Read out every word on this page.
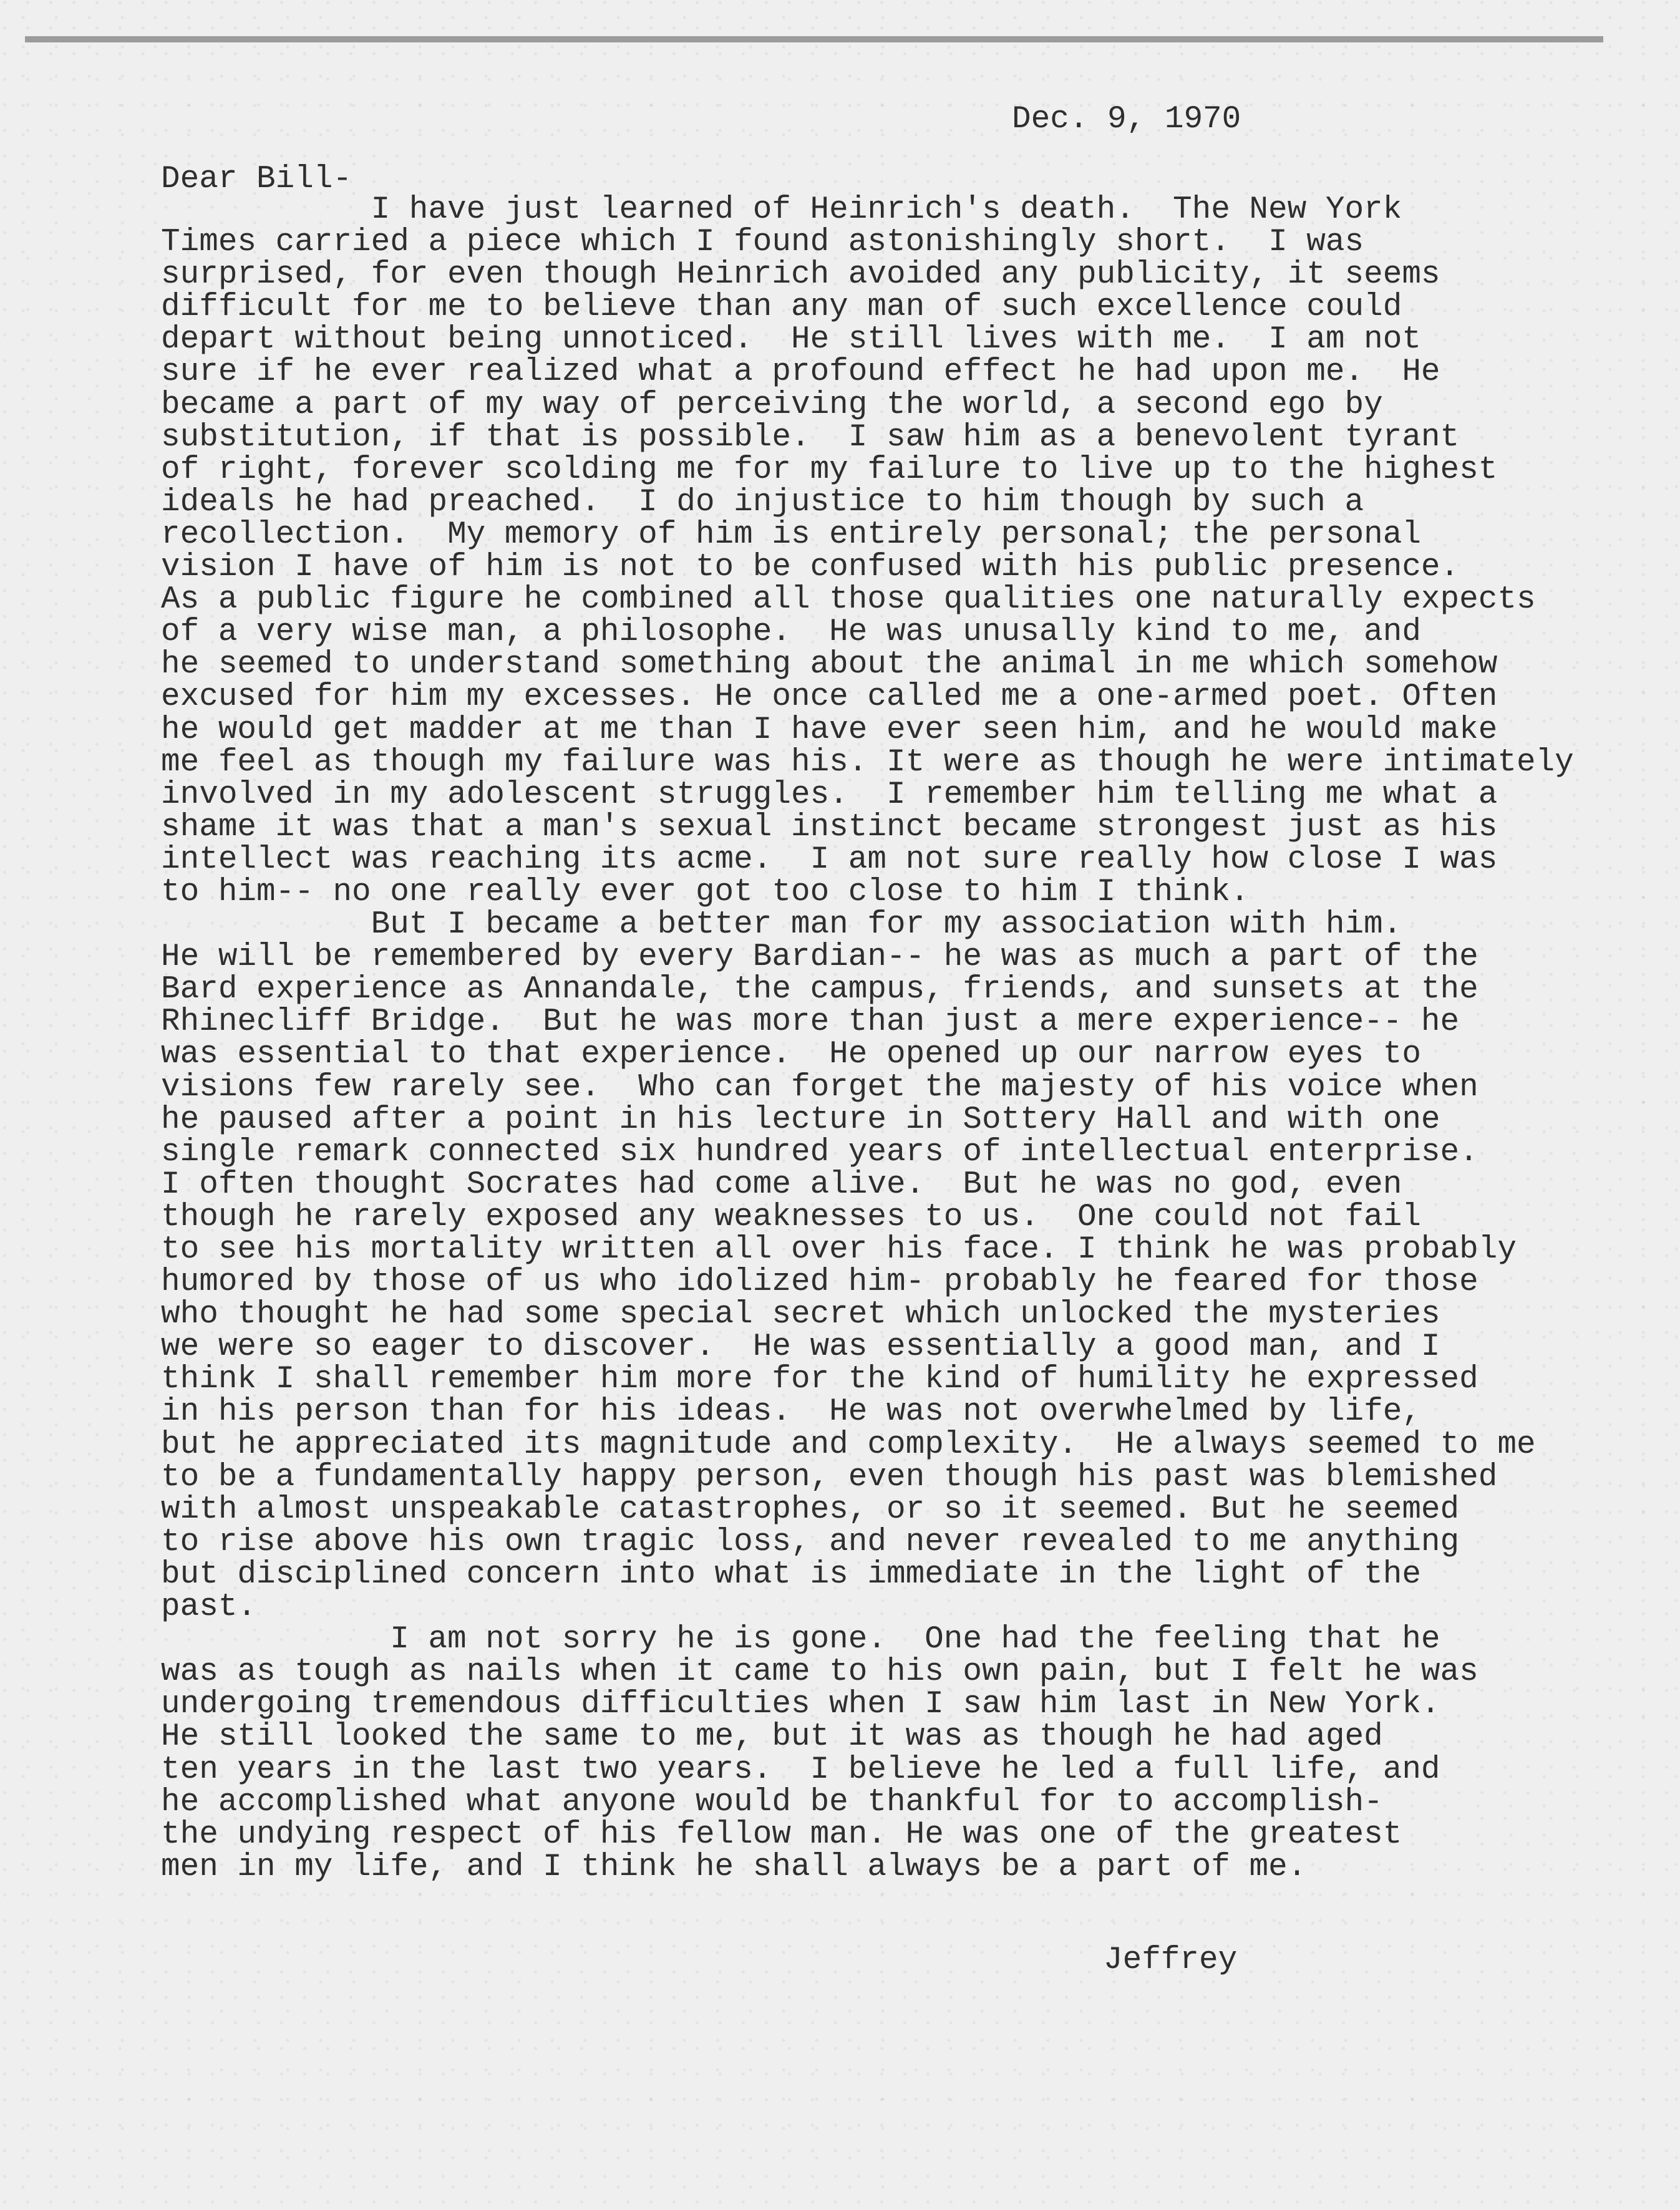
Dec. 9, 1970
Dear Bill-
I have just learned of Heinrich's death.  The New York
Times carried a piece which I found astonishingly short.  I was
surprised, for even though Heinrich avoided any publicity, it seems
difficult for me to believe than any man of such excellence could
depart without being unnoticed.  He still lives with me.  I am not
sure if he ever realized what a profound effect he had upon me.  He
became a part of my way of perceiving the world, a second ego by
substitution, if that is possible.  I saw him as a benevolent tyrant
of right, forever scolding me for my failure to live up to the highest
ideals he had preached.  I do injustice to him though by such a
recollection.  My memory of him is entirely personal; the personal
vision I have of him is not to be confused with his public presence.
As a public figure he combined all those qualities one naturally expects
of a very wise man, a philosophe.  He was unusally kind to me, and
he seemed to understand something about the animal in me which somehow
excused for him my excesses. He once called me a one-armed poet. Often
he would get madder at me than I have ever seen him, and he would make
me feel as though my failure was his. It were as though he were intimately
involved in my adolescent struggles.  I remember him telling me what a
shame it was that a man's sexual instinct became strongest just as his
intellect was reaching its acme.  I am not sure really how close I was
to him-- no one really ever got too close to him I think.
But I became a better man for my association with him.
He will be remembered by every Bardian-- he was as much a part of the
Bard experience as Annandale, the campus, friends, and sunsets at the
Rhinecliff Bridge.  But he was more than just a mere experience-- he
was essential to that experience.  He opened up our narrow eyes to
visions few rarely see.  Who can forget the majesty of his voice when
he paused after a point in his lecture in Sottery Hall and with one
single remark connected six hundred years of intellectual enterprise.
I often thought Socrates had come alive.  But he was no god, even
though he rarely exposed any weaknesses to us.  One could not fail
to see his mortality written all over his face. I think he was probably
humored by those of us who idolized him- probably he feared for those
who thought he had some special secret which unlocked the mysteries
we were so eager to discover.  He was essentially a good man, and I
think I shall remember him more for the kind of humility he expressed
in his person than for his ideas.  He was not overwhelmed by life,
but he appreciated its magnitude and complexity.  He always seemed to me
to be a fundamentally happy person, even though his past was blemished
with almost unspeakable catastrophes, or so it seemed. But he seemed
to rise above his own tragic loss, and never revealed to me anything
but disciplined concern into what is immediate in the light of the
past.
I am not sorry he is gone.  One had the feeling that he
was as tough as nails when it came to his own pain, but I felt he was
undergoing tremendous difficulties when I saw him last in New York.
He still looked the same to me, but it was as though he had aged
ten years in the last two years.  I believe he led a full life, and
he accomplished what anyone would be thankful for to accomplish-
the undying respect of his fellow man. He was one of the greatest
men in my life, and I think he shall always be a part of me.
Jeffrey
